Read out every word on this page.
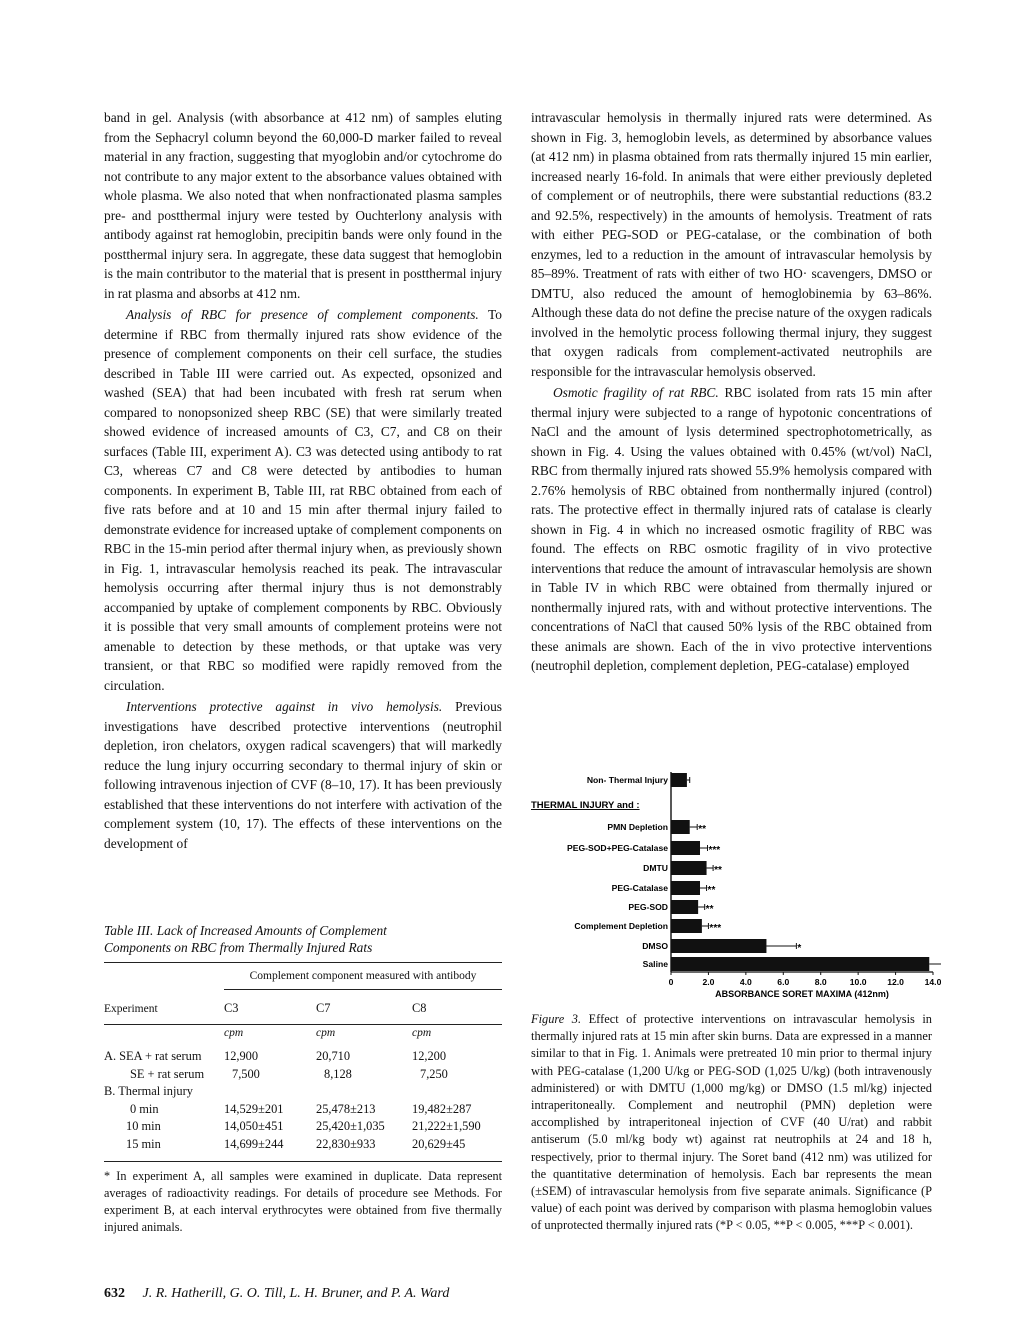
band in gel. Analysis (with absorbance at 412 nm) of samples eluting from the Sephacryl column beyond the 60,000-D marker failed to reveal material in any fraction, suggesting that myoglobin and/or cytochrome do not contribute to any major extent to the absorbance values obtained with whole plasma. We also noted that when nonfractionated plasma samples pre- and postthermal injury were tested by Ouchterlony analysis with antibody against rat hemoglobin, precipitin bands were only found in the postthermal injury sera. In aggregate, these data suggest that hemoglobin is the main contributor to the material that is present in postthermal injury in rat plasma and absorbs at 412 nm.

Analysis of RBC for presence of complement components. To determine if RBC from thermally injured rats show evidence of the presence of complement components on their cell surface, the studies described in Table III were carried out. As expected, opsonized and washed (SEA) that had been incubated with fresh rat serum when compared to nonopsonized sheep RBC (SE) that were similarly treated showed evidence of increased amounts of C3, C7, and C8 on their surfaces (Table III, experiment A). C3 was detected using antibody to rat C3, whereas C7 and C8 were detected by antibodies to human components. In experiment B, Table III, rat RBC obtained from each of five rats before and at 10 and 15 min after thermal injury failed to demonstrate evidence for increased uptake of complement components on RBC in the 15-min period after thermal injury when, as previously shown in Fig. 1, intravascular hemolysis reached its peak. The intravascular hemolysis occurring after thermal injury thus is not demonstrably accompanied by uptake of complement components by RBC. Obviously it is possible that very small amounts of complement proteins were not amenable to detection by these methods, or that uptake was very transient, or that RBC so modified were rapidly removed from the circulation.

Interventions protective against in vivo hemolysis. Previous investigations have described protective interventions (neutrophil depletion, iron chelators, oxygen radical scavengers) that will markedly reduce the lung injury occurring secondary to thermal injury of skin or following intravenous injection of CVF (8–10, 17). It has been previously established that these interventions do not interfere with activation of the complement system (10, 17). The effects of these interventions on the development of

intravascular hemolysis in thermally injured rats were determined. As shown in Fig. 3, hemoglobin levels, as determined by absorbance values (at 412 nm) in plasma obtained from rats thermally injured 15 min earlier, increased nearly 16-fold. In animals that were either previously depleted of complement or of neutrophils, there were substantial reductions (83.2 and 92.5%, respectively) in the amounts of hemolysis. Treatment of rats with either PEG-SOD or PEG-catalase, or the combination of both enzymes, led to a reduction in the amount of intravascular hemolysis by 85–89%. Treatment of rats with either of two HO· scavengers, DMSO or DMTU, also reduced the amount of hemoglobinemia by 63–86%. Although these data do not define the precise nature of the oxygen radicals involved in the hemolytic process following thermal injury, they suggest that oxygen radicals from complement-activated neutrophils are responsible for the intravascular hemolysis observed.

Osmotic fragility of rat RBC. RBC isolated from rats 15 min after thermal injury were subjected to a range of hypotonic concentrations of NaCl and the amount of lysis determined spectrophotometrically, as shown in Fig. 4. Using the values obtained with 0.45% (wt/vol) NaCl, RBC from thermally injured rats showed 55.9% hemolysis compared with 2.76% hemolysis of RBC obtained from nonthermally injured (control) rats. The protective effect in thermally injured rats of catalase is clearly shown in Fig. 4 in which no increased osmotic fragility of RBC was found. The effects on RBC osmotic fragility of in vivo protective interventions that reduce the amount of intravascular hemolysis are shown in Table IV in which RBC were obtained from thermally injured or nonthermally injured rats, with and without protective interventions. The concentrations of NaCl that caused 50% lysis of the RBC obtained from these animals are shown. Each of the in vivo protective interventions (neutrophil depletion, complement depletion, PEG-catalase) employed

Table III. Lack of Increased Amounts of Complement
Components on RBC from Thermally Injured Rats
	Complement component measured with antibody		
Experiment	C3	C7	C8

	cpm	cpm	cpm

A. SEA + rat serum	12,900	20,710	12,200
SE + rat serum	7,500	8,128	7,250
B. Thermal injury			
0 min	14,529±201	25,478±213	19,482±287
10 min	14,050±451	25,420±1,035	21,222±1,590
15 min	14,699±244	22,830±933	20,629±45

* In experiment A, all samples were examined in duplicate. Data represent averages of radioactivity readings. For details of procedure see Methods. For experiment B, at each interval erythrocytes were obtained from five thermally injured animals.
THERMAL INJURY and :
ABSORBANCE SORET MAXIMA (412nm)
Non- Thermal Injury
PMN Depletion	**
PEG-SOD+PEG-Catalase	***
DMTU	**
PEG-Catalase	**
PEG-SOD	**
Complement Depletion	***
DMSO	*
Saline
0	2.0	4.0	6.0	8.0	10.0 12.0 14.0
Figure 3. Effect of protective interventions on intravascular hemolysis in thermally injured rats at 15 min after skin burns. Data are expressed in a manner similar to that in Fig. 1. Animals were pretreated 10 min prior to thermal injury with PEG-catalase (1,200 U/kg or PEG-SOD (1,025 U/kg) (both intravenously administered) or with DMTU (1,000 mg/kg) or DMSO (1.5 ml/kg) injected intraperitoneally. Complement and neutrophil (PMN) depletion were accomplished by intraperitoneal injection of CVF (40 U/rat) and rabbit antiserum (5.0 ml/kg body wt) against rat neutrophils at 24 and 18 h, respectively, prior to thermal injury. The Soret band (412 nm) was utilized for the quantitative determination of hemolysis. Each bar represents the mean (±SEM) of intravascular hemolysis from five separate animals. Significance (P value) of each point was derived by comparison with plasma hemoglobin values of unprotected thermally injured rats (*P < 0.05, **P < 0.005, ***P < 0.001).
632 J. R. Hatherill, G. O. Till, L. H. Bruner, and P. A. Ward
